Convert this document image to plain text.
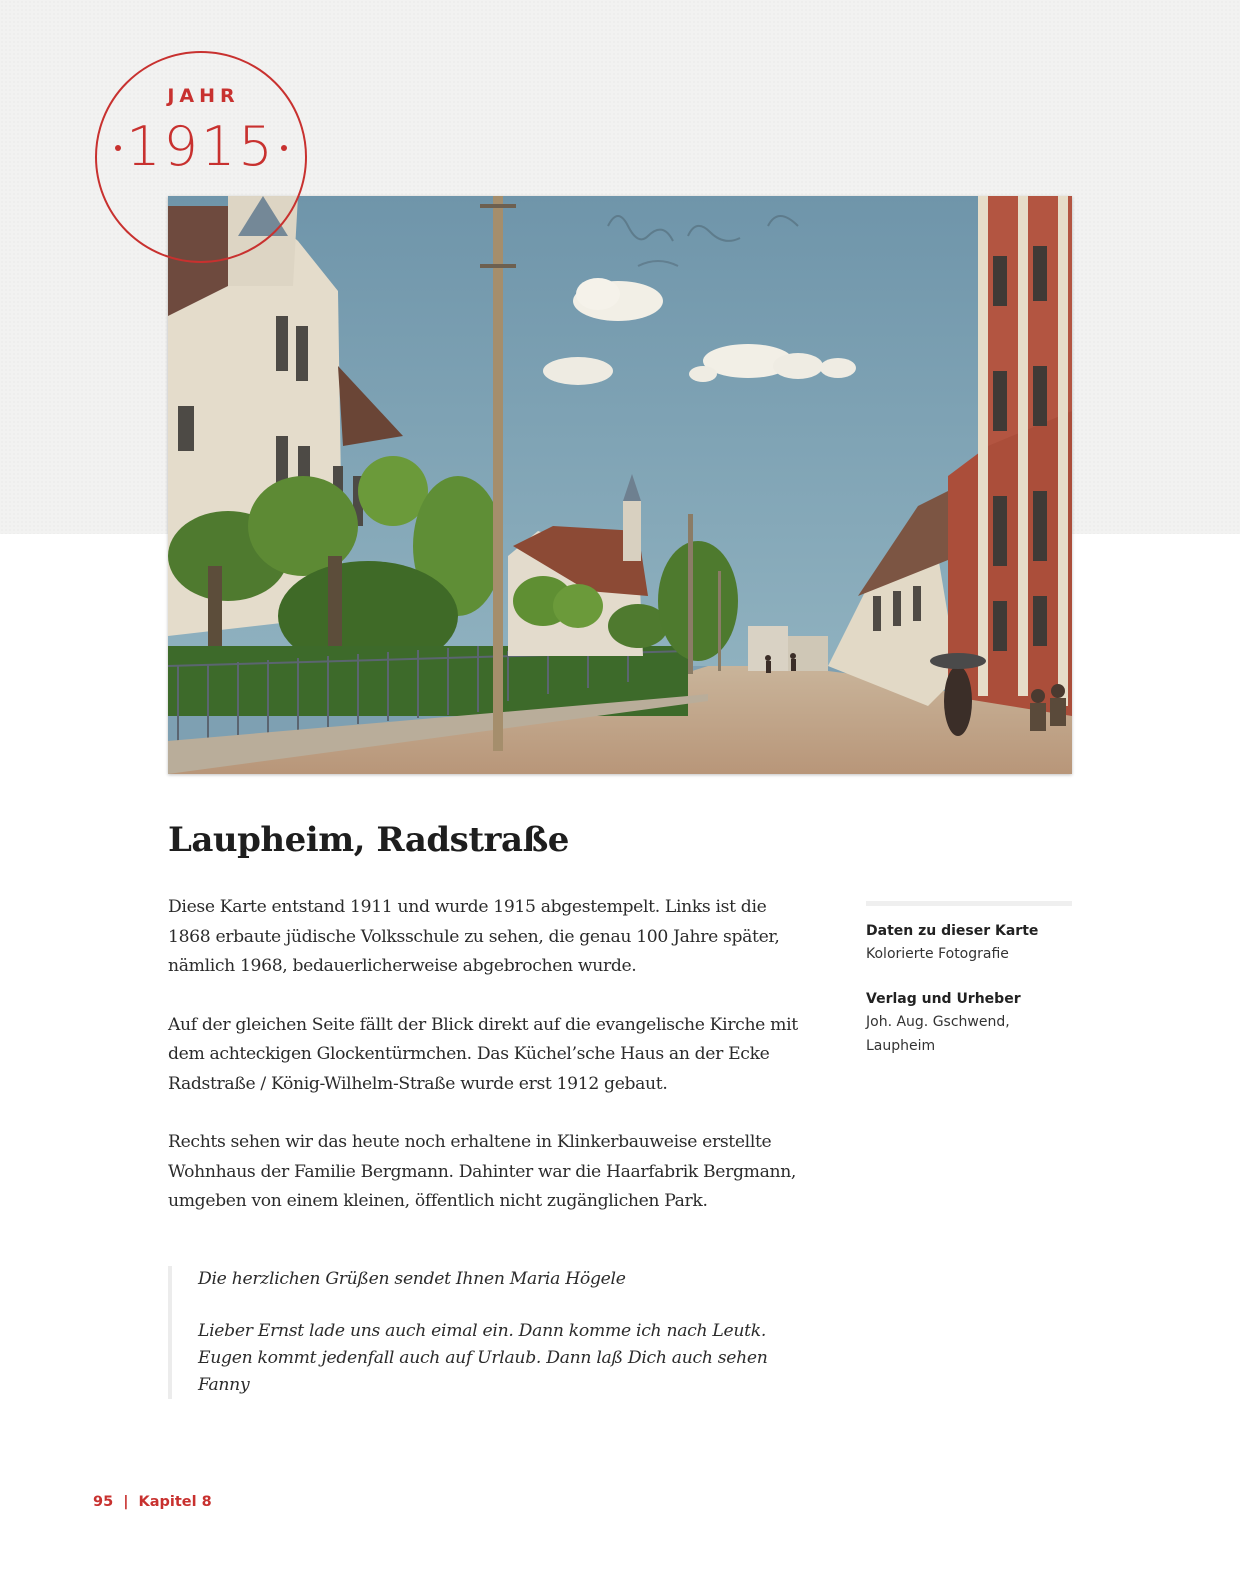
JAHR
1915
Laupheim, Radstraße

Diese Karte entstand 1911 und wurde 1915 abgestempelt. Links ist die 1868 erbaute jüdische Volksschule zu sehen, die genau 100 Jahre später, nämlich 1968, bedauerlicherweise abgebrochen wurde.

Auf der gleichen Seite fällt der Blick direkt auf die evangelische Kirche mit dem achteckigen Glockentürmchen. Das Küchel’sche Haus an der Ecke Radstraße / König-Wilhelm-Straße wurde erst 1912 gebaut.

Rechts sehen wir das heute noch erhaltene in Klinkerbauweise erstellte Wohnhaus der Familie Bergmann. Dahinter war die Haarfabrik Bergmann, umgeben von einem kleinen, öffentlich nicht zugänglichen Park.

Die herzlichen Grüßen sendet Ihnen Maria Högele

Lieber Ernst lade uns auch eimal ein. Dann komme ich nach Leutk. Eugen kommt jedenfall auch auf Urlaub. Dann laß Dich auch sehen Fanny

Daten zu dieser Karte
Kolorierte Fotografie
Verlag und Urheber
Joh. Aug. Gschwend, Laupheim
95 | Kapitel 8
